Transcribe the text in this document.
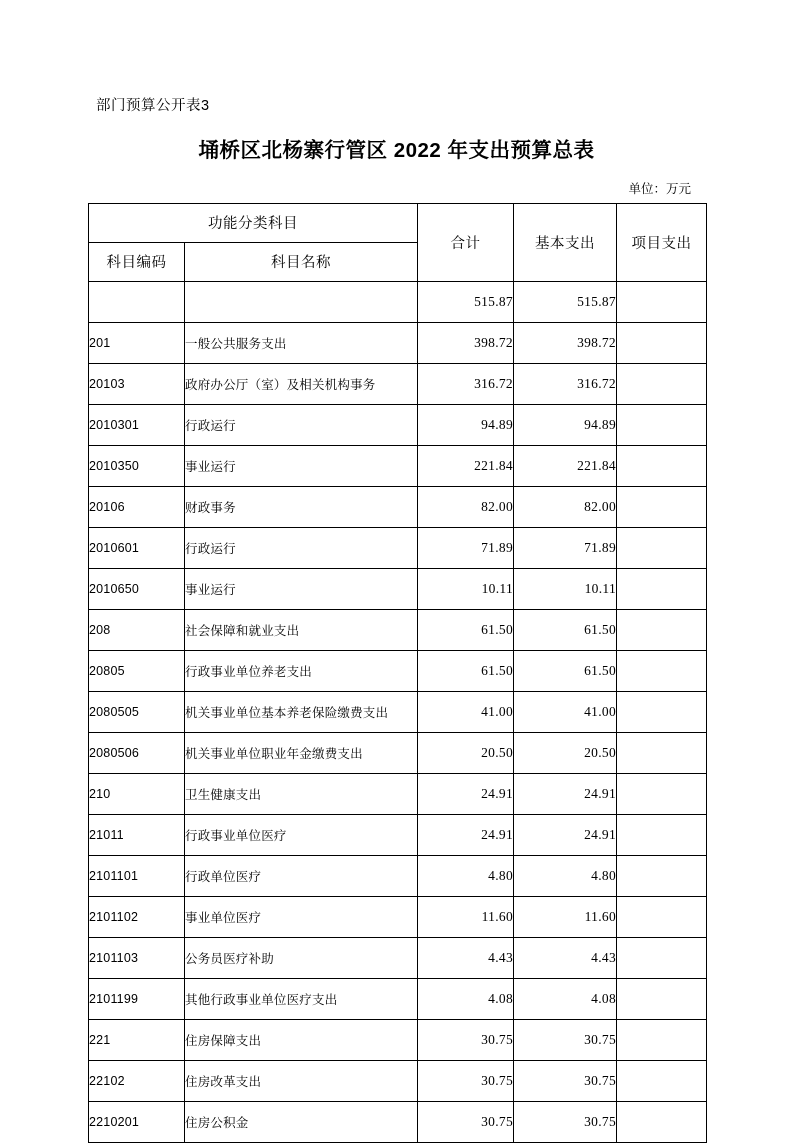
部门预算公开表3
埇桥区北杨寨行管区 2022 年支出预算总表
单位：万元
功能分类科目		合计	基本支出	项目支出
科目编码	科目名称			
		515.87	515.87	
201	一般公共服务支出	398.72	398.72	
20103	政府办公厅（室）及相关机构事务	316.72	316.72	
2010301	行政运行	94.89	94.89	
2010350	事业运行	221.84	221.84	
20106	财政事务	82.00	82.00	
2010601	行政运行	71.89	71.89	
2010650	事业运行	10.11	10.11	
208	社会保障和就业支出	61.50	61.50	
20805	行政事业单位养老支出	61.50	61.50	
2080505	机关事业单位基本养老保险缴费支出	41.00	41.00	
2080506	机关事业单位职业年金缴费支出	20.50	20.50	
210	卫生健康支出	24.91	24.91	
21011	行政事业单位医疗	24.91	24.91	
2101101	行政单位医疗	4.80	4.80	
2101102	事业单位医疗	11.60	11.60	
2101103	公务员医疗补助	4.43	4.43	
2101199	其他行政事业单位医疗支出	4.08	4.08	
221	住房保障支出	30.75	30.75	
22102	住房改革支出	30.75	30.75	
2210201	住房公积金	30.75	30.75	
